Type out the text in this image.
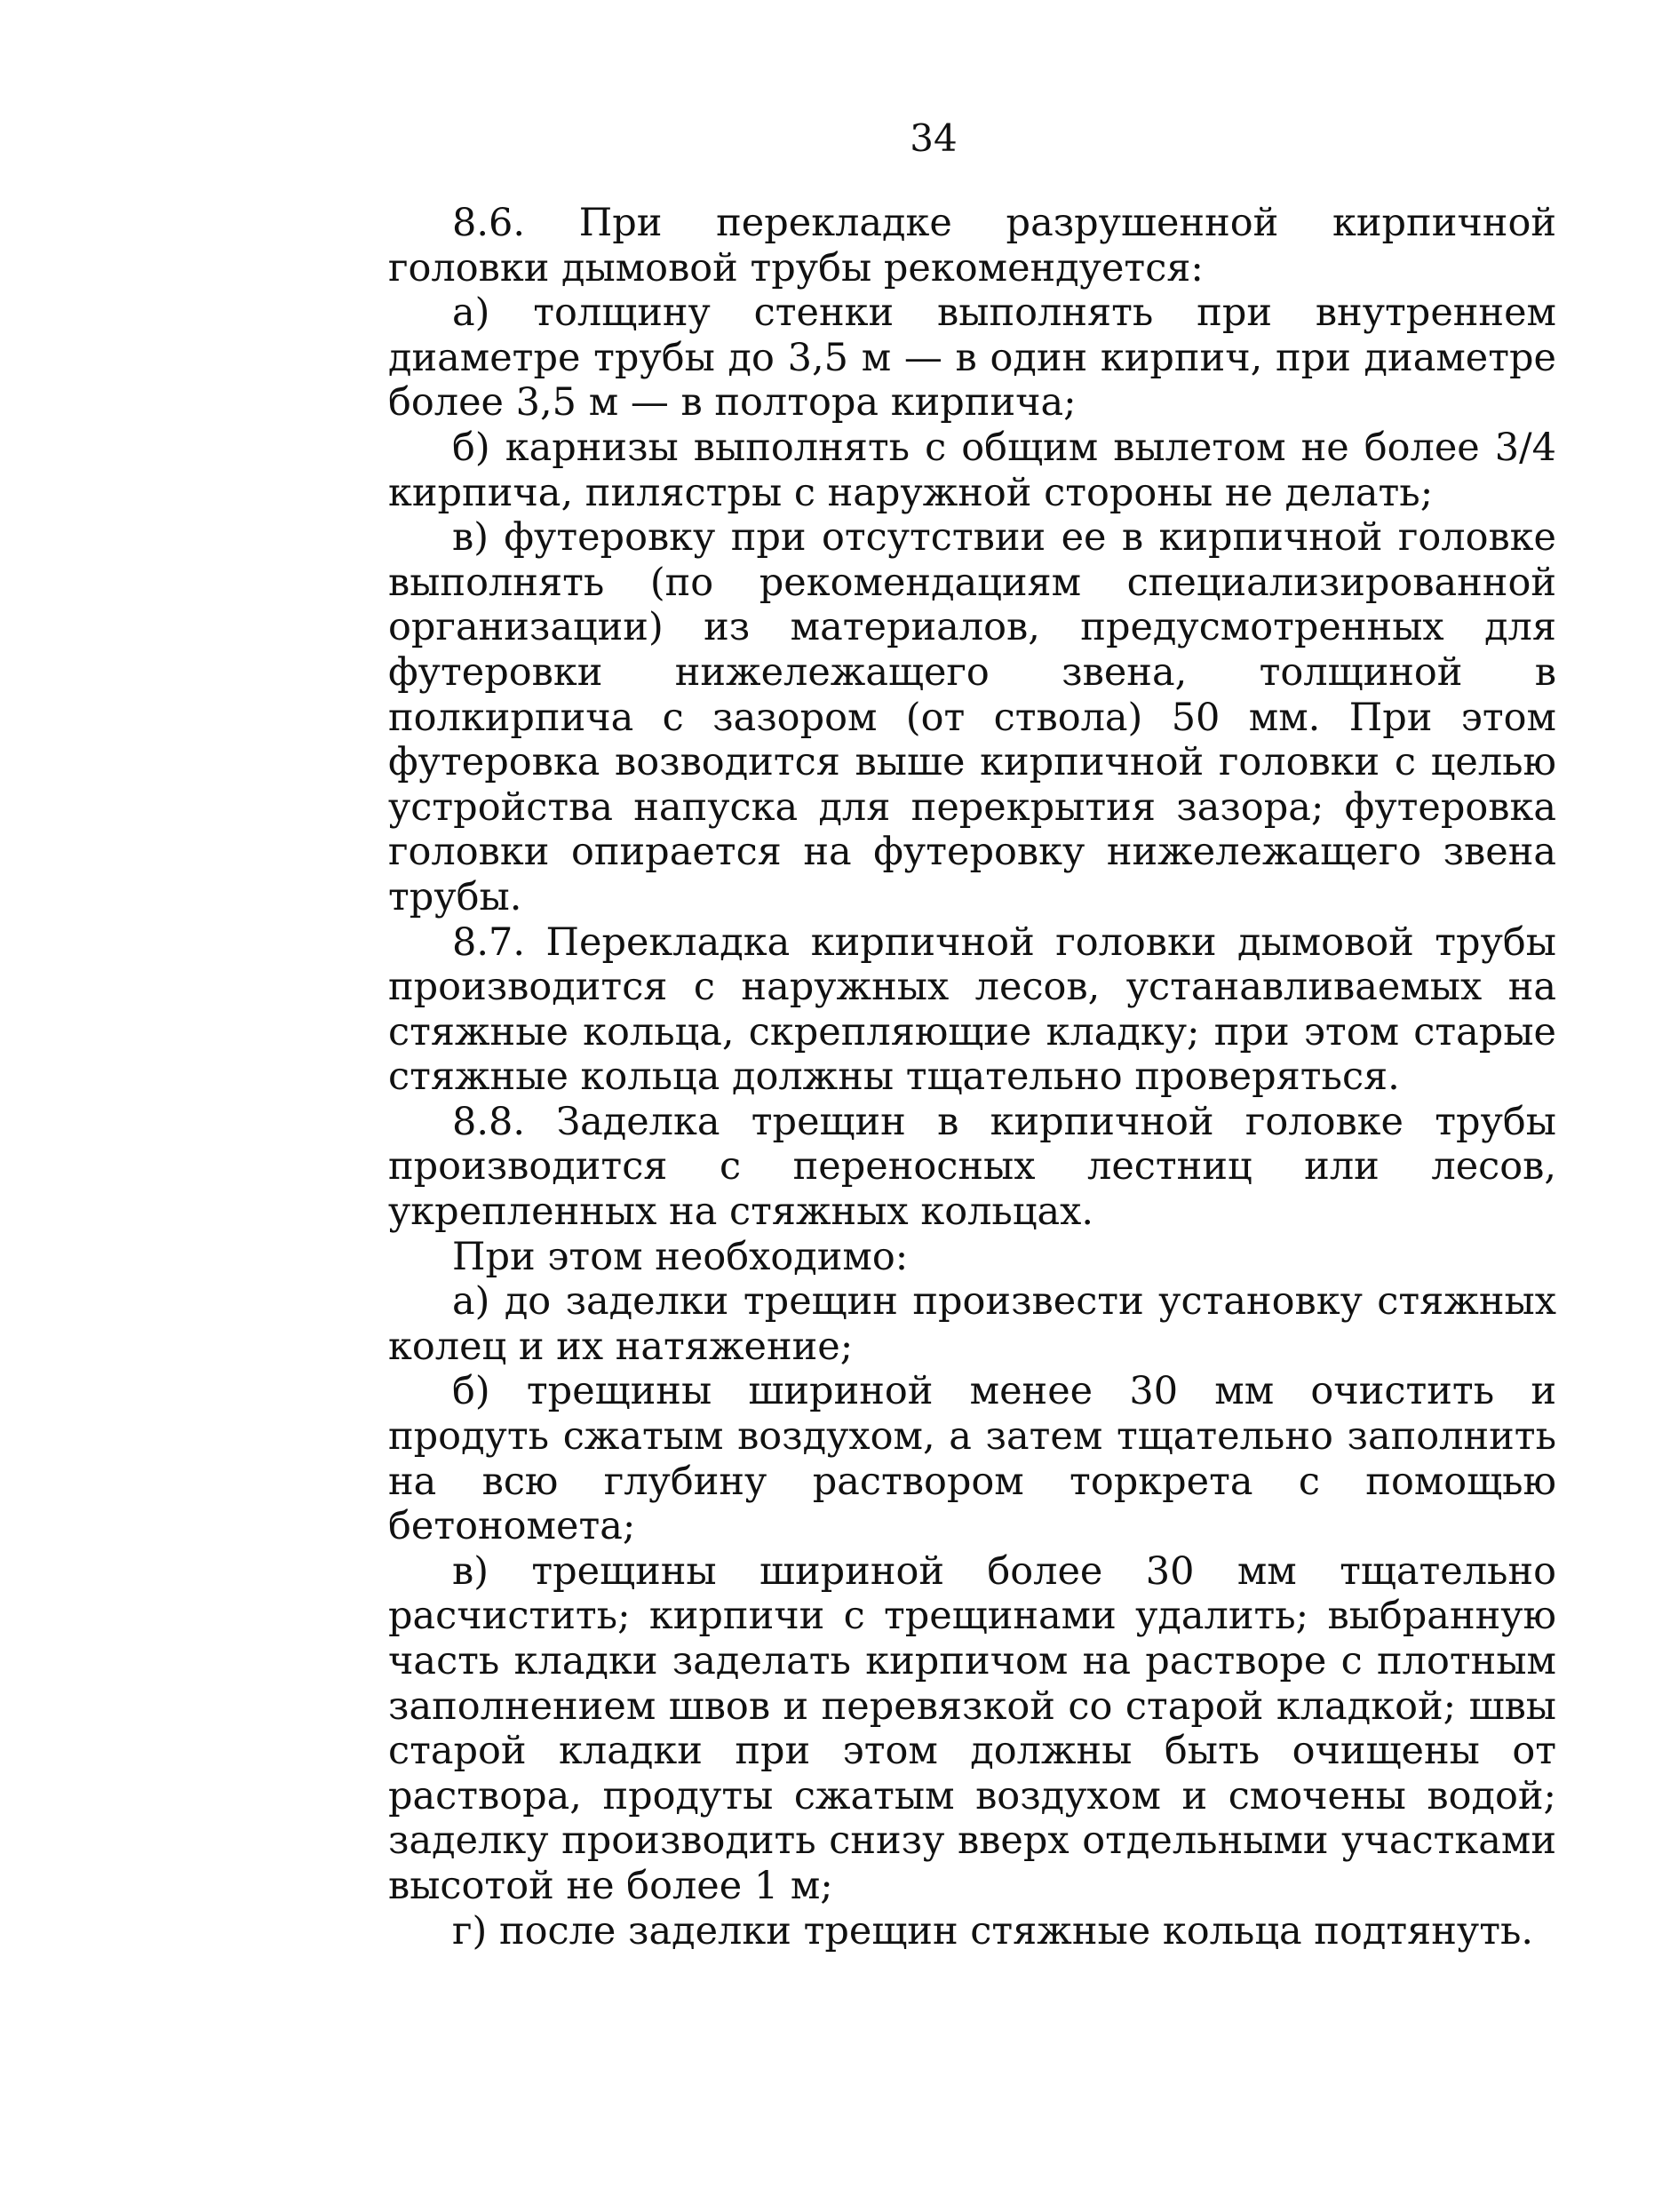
34

8.6. При перекладке разрушенной кирпичной головки дымовой трубы рекомендуется:

а) толщину стенки выполнять при внутреннем диаметре трубы до 3,5 м — в один кирпич, при диаметре более 3,5 м — в полтора кирпича;

б) карнизы выполнять с общим вылетом не более 3/4 кирпича, пилястры с наружной стороны не делать;

в) футеровку при отсутствии ее в кирпичной головке выполнять (по рекомендациям специализированной организации) из материалов, предусмотренных для футеровки нижележащего звена, толщиной в полкирпича с зазором (от ствола) 50 мм. При этом футеровка возводится выше кирпичной головки с целью устройства напуска для перекрытия зазора; футеровка головки опирается на футеровку нижележащего звена трубы.

8.7. Перекладка кирпичной головки дымовой трубы производится с наружных лесов, устанавливаемых на стяжные кольца, скрепляющие кладку; при этом старые стяжные кольца должны тщательно проверяться.

8.8. Заделка трещин в кирпичной головке трубы производится с переносных лестниц или лесов, укрепленных на стяжных кольцах.

При этом необходимо:

а) до заделки трещин произвести установку стяжных колец и их натяжение;

б) трещины шириной менее 30 мм очистить и продуть сжатым воздухом, а затем тщательно заполнить на всю глубину раствором торкрета с помощью бетонометa;

в) трещины шириной более 30 мм тщательно расчистить; кирпичи с трещинами удалить; выбранную часть кладки заделать кирпичом на растворе с плотным заполнением швов и перевязкой со старой кладкой; швы старой кладки при этом должны быть очищены от раствора, продуты сжатым воздухом и смочены водой; заделку производить снизу вверх отдельными участками высотой не более 1 м;

г) после заделки трещин стяжные кольца подтянуть.
